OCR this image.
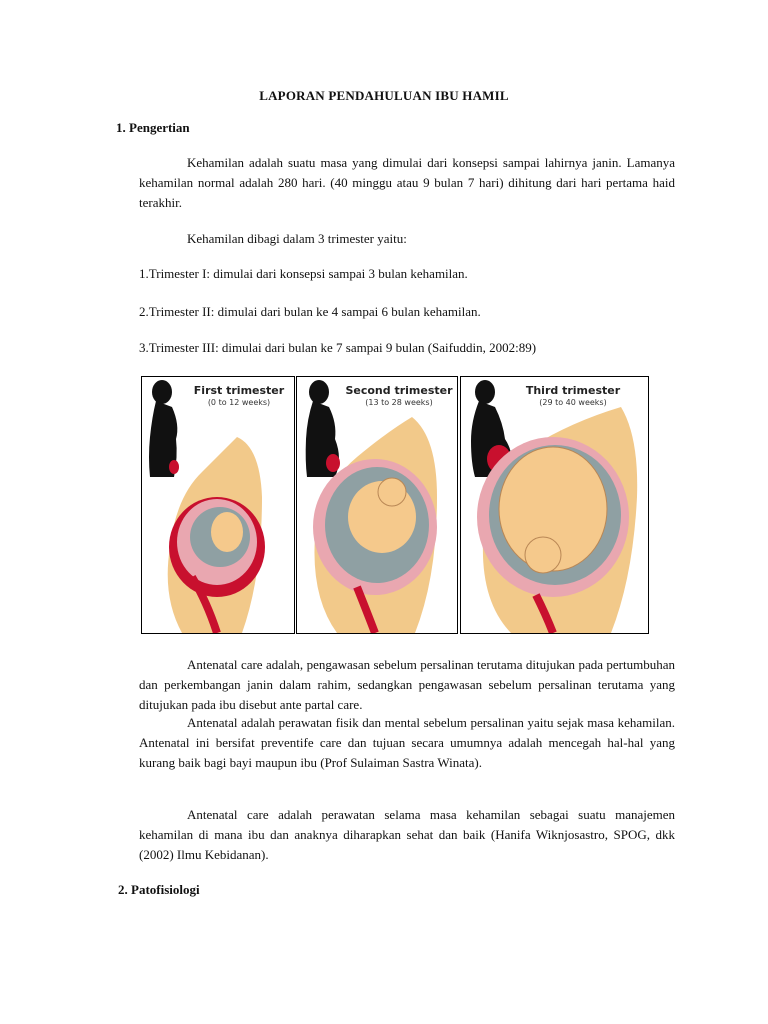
LAPORAN PENDAHULUAN IBU HAMIL
1. Pengertian
Kehamilan adalah suatu masa yang dimulai dari konsepsi sampai lahirnya janin. Lamanya kehamilan normal adalah 280 hari. (40 minggu atau 9 bulan 7 hari) dihitung dari hari pertama haid terakhir.
Kehamilan dibagi dalam 3 trimester yaitu:
1.Trimester I: dimulai dari konsepsi sampai 3 bulan kehamilan.
2.Trimester II: dimulai dari bulan ke 4 sampai 6 bulan kehamilan.
3.Trimester III: dimulai dari bulan ke 7 sampai 9 bulan (Saifuddin, 2002:89)
First trimester
(0 to 12 weeks)
Second trimester
(13 to 28 weeks)
Third trimester
(29 to 40 weeks)
Antenatal care adalah, pengawasan sebelum persalinan terutama ditujukan pada pertumbuhan dan perkembangan janin dalam rahim, sedangkan pengawasan sebelum persalinan terutama yang ditujukan pada ibu disebut ante partal care.
Antenatal adalah perawatan fisik dan mental sebelum persalinan yaitu sejak masa kehamilan. Antenatal ini bersifat preventife care dan tujuan secara umumnya adalah mencegah hal-hal yang kurang baik bagi bayi maupun ibu (Prof Sulaiman Sastra Winata).
Antenatal care adalah perawatan selama masa kehamilan sebagai suatu manajemen kehamilan di mana ibu dan anaknya diharapkan sehat dan baik (Hanifa Wiknjosastro, SPOG, dkk (2002) Ilmu Kebidanan).
2. Patofisiologi
